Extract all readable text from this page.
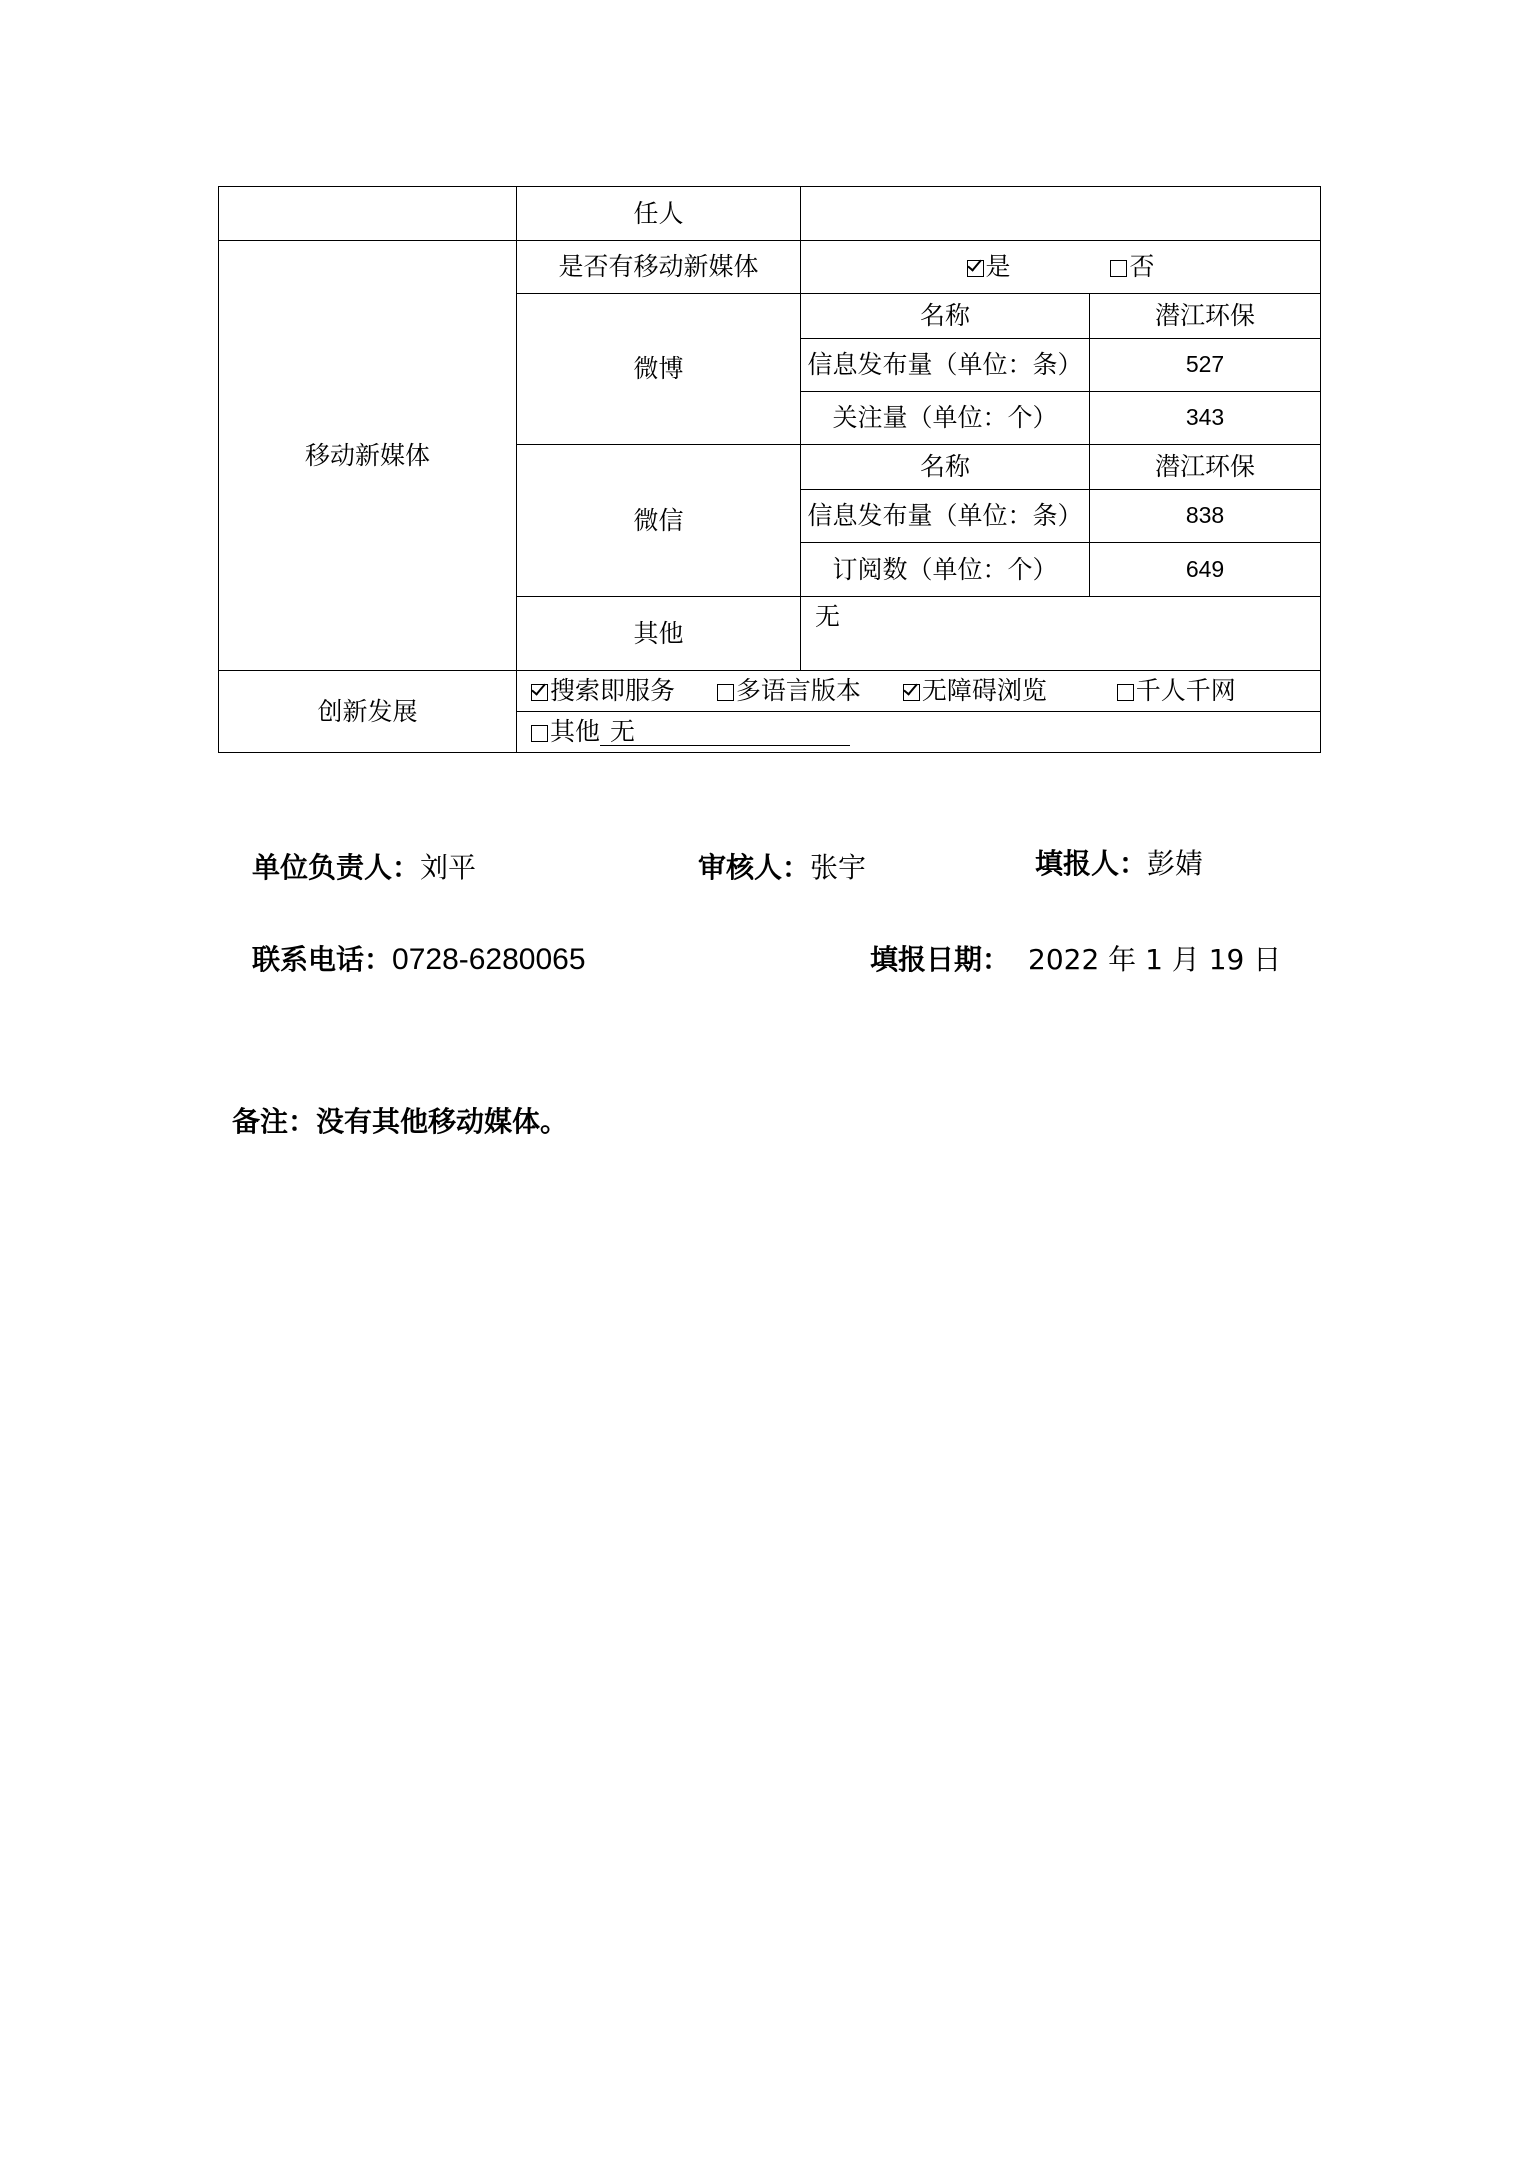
	任人		
移动新媒体	是否有移动新媒体	是 否	
	微博	名称	潜江环保
		信息发布量（单位：条）	527
		关注量（单位：个）	343
	微信	名称	潜江环保
		信息发布量（单位：条）	838
		订阅数（单位：个）	649
	其他	无	
创新发展	搜索即服务 多语言版本 无障碍浏览 千人千网		
	其他 无		
单位负责人：刘平	审核人：张宇	填报人：彭婧
联系电话：0728-6280065	填报日期： 2022 年 1 月 19 日
备注：没有其他移动媒体。
